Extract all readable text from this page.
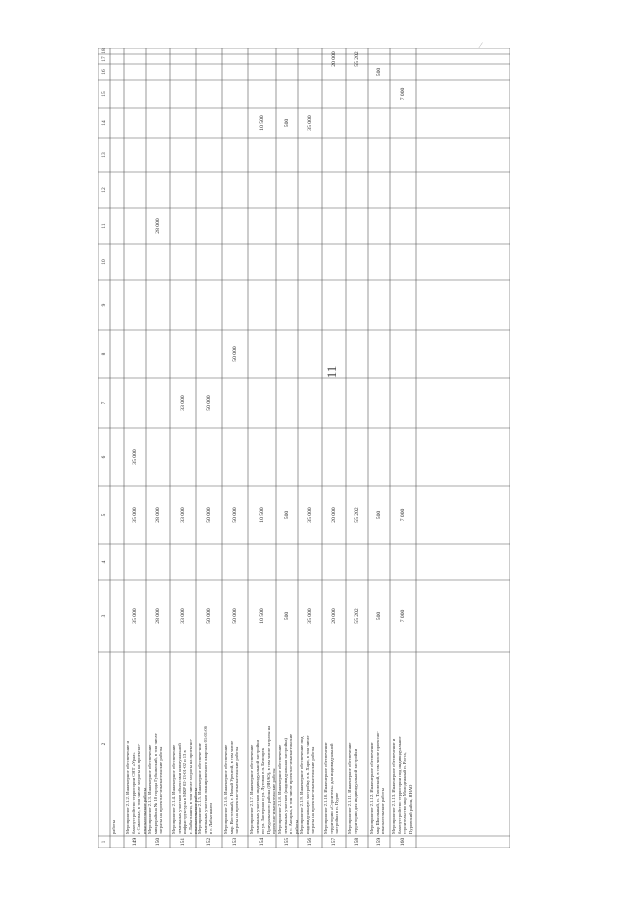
11
⁄
1
2
3
4
5
6
7
8
9
10
11
12
13
14
15
16
17
18
работы
149
Мероприятие 2.1.2. Инженерное обеспечение и благоустройство территории СНТ «Урал» г. Самосвал, в том числе затраты на проектно- изыскательские работы
35 000
35 000
35 000
150
Мероприятие 2.1.3. Инженерное обеспечение микрорайона № 18 города Губкинский, в том числе затраты на проектно-изыскательские работы
28 000
28 000
28 000
151
Мероприятие 2.1.4. Инженерное обеспечение земельных участков объектами коммунальной инфраструктуры в МКР 02-13-01-02 и 13 в г. Лабытнанги, в том числе затраты на проектно- изыскательские работы
33 000
33 000
33 000
152
Мероприятие 2.1.5. Инженерное обеспече-ние земельных участков планировочного квартала 01:01:06 в г. Лабытнанги
50 000
50 000
50 000
153
Мероприятие 2.1.6. Инженерное обеспечение мкр. Восточный, г. Новый Уренгой, в том числе затраты на проектно-изыскательские работы
50 000
50 000
50 000
154
Мероприятие 2.1.7. Инженерное обеспечение земельных участков индивидуальной застройки по ул. Заозерная и ул. Луговая в п. Белоярск Приуральского района (ЯНАО), в том числе затраты на проектно-изыскательские работы
10 500
10 500
10 500
155
Мероприятие 2.1.8. Инженерное обеспечение земельных участков (индивидуальная застройка) в с. Аксарка, в том числе проектно-изыскательские работы
500
500
500
156
Мероприятие 2.1.9. Инженерное обеспечение под индивидуальную застройку в п. Харп, в том числе затраты на проектно-изыскательские работы
35 000
35 000
35 000
157
Мероприятие 2.1.10. Инженерное обеспечение территории «Строитель» для индивидуальной застройки в п. Пурпе
20 000
20 000
20 000
158
Мероприятие 2.1.11. Инженерное обеспечение территории для индивидуальной застройки
55 202
55 202
55 202
159
Мероприятие 2.1.12. Инженерное обеспечение мкр Школьный, п. Тазовский, в том числе проектно- изыскательские работы
500
500
500
160
Мероприятие 2.1.13. Инженерное обеспечение и благоустройство территории под индивидуальное строительство мкр Молодежный п. Ратта, Пуровский район, ЯНАО
7 000
7 000
7 000
